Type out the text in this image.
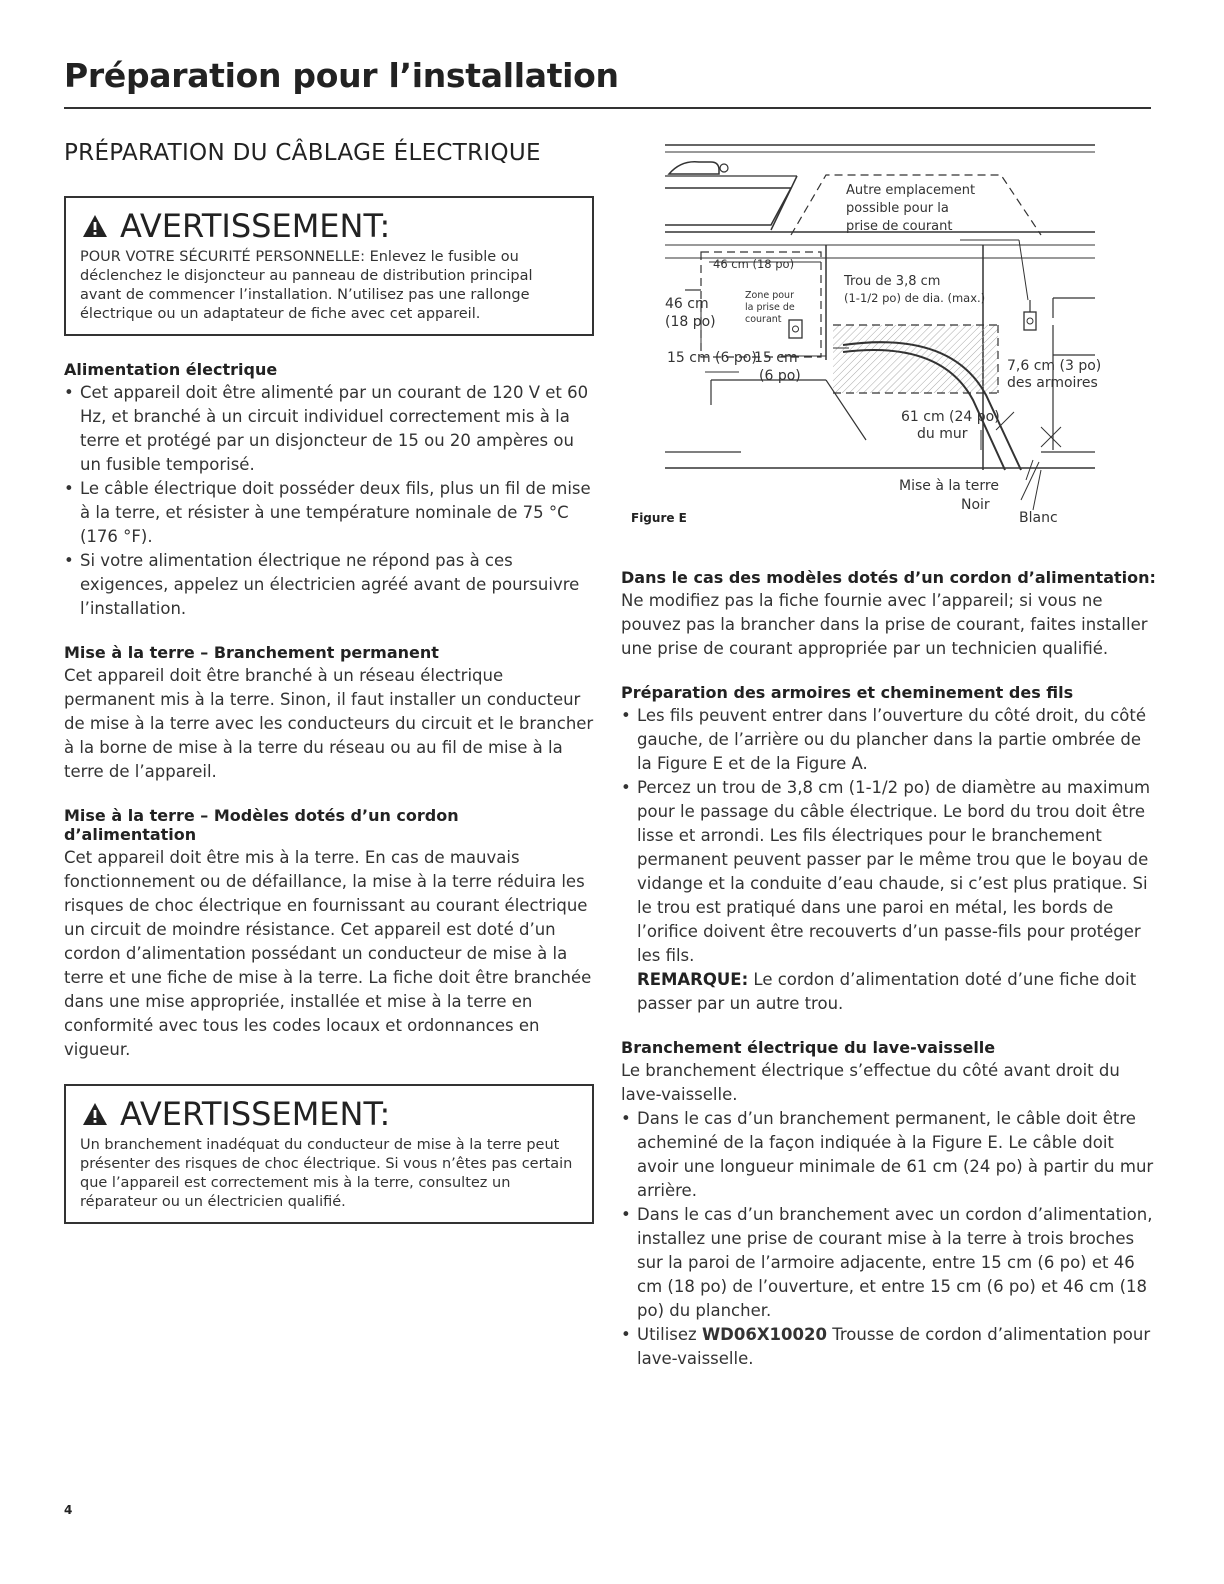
Préparation pour l’installation
PRÉPARATION DU CÂBLAGE ÉLECTRIQUE
AVERTISSEMENT:

POUR VOTRE SÉCURITÉ PERSONNELLE: Enlevez le fusible ou déclenchez le disjoncteur au panneau de distribution principal avant de commencer l’installation. N’utilisez pas une rallonge électrique ou un adaptateur de fiche avec cet appareil.

Alimentation électrique
• Cet appareil doit être alimenté par un courant de 120 V et 60 Hz, et branché à un circuit individuel correctement mis à la terre et protégé par un disjoncteur de 15 ou 20 ampères ou un fusible temporisé.
• Le câble électrique doit posséder deux fils, plus un fil de mise à la terre, et résister à une température nominale de 75 °C (176 °F).
• Si votre alimentation électrique ne répond pas à ces exigences, appelez un électricien agréé avant de poursuivre l’installation.
Mise à la terre – Branchement permanent

Cet appareil doit être branché à un réseau électrique permanent mis à la terre. Sinon, il faut installer un conducteur de mise à la terre avec les conducteurs du circuit et le brancher à la borne de mise à la terre du réseau ou au fil de mise à la terre de l’appareil.

Mise à la terre – Modèles dotés d’un cordon d’alimentation

Cet appareil doit être mis à la terre. En cas de mauvais fonctionnement ou de défaillance, la mise à la terre réduira les risques de choc électrique en fournissant au courant électrique un circuit de moindre résistance. Cet appareil est doté d’un cordon d’alimentation possédant un conducteur de mise à la terre et une fiche de mise à la terre. La fiche doit être branchée dans une mise appropriée, installée et mise à la terre en conformité avec tous les codes locaux et ordonnances en vigueur.

AVERTISSEMENT:

Un branchement inadéquat du conducteur de mise à la terre peut présenter des risques de choc électrique. Si vous n’êtes pas certain que l’appareil est correctement mis à la terre, consultez un réparateur ou un électricien qualifié.

Autre emplacement
possible pour la
prise de courant
Trou de 3,8 cm
(1-1/2 po) de dia. (max.)
46 cm (18 po)
46 cm
(18 po)
Zone pour
la prise de
courant
15 cm (6 po)
15 cm
(6 po)
7,6 cm (3 po)
des armoires
61 cm (24 po)
du mur
Mise à la terre
Noir
Blanc
Figure E
Dans le cas des modèles dotés d’un cordon d’alimentation:

Ne modifiez pas la fiche fournie avec l’appareil; si vous ne pouvez pas la brancher dans la prise de courant, faites installer une prise de courant appropriée par un technicien qualifié.

Préparation des armoires et cheminement des fils
• Les fils peuvent entrer dans l’ouverture du côté droit, du côté gauche, de l’arrière ou du plancher dans la partie ombrée de la Figure E et de la Figure A.
• Percez un trou de 3,8 cm (1-1/2 po) de diamètre au maximum pour le passage du câble électrique. Le bord du trou doit être lisse et arrondi. Les fils électriques pour le branchement permanent peuvent passer par le même trou que le boyau de vidange et la conduite d’eau chaude, si c’est plus pratique. Si le trou est pratiqué dans une paroi en métal, les bords de l’orifice doivent être recouverts d’un passe-fils pour protéger les fils.
REMARQUE: Le cordon d’alimentation doté d’une fiche doit passer par un autre trou.
Branchement électrique du lave-vaisselle

Le branchement électrique s’effectue du côté avant droit du lave-vaisselle.

• Dans le cas d’un branchement permanent, le câble doit être acheminé de la façon indiquée à la Figure E. Le câble doit avoir une longueur minimale de 61 cm (24 po) à partir du mur arrière.
• Dans le cas d’un branchement avec un cordon d’alimentation, installez une prise de courant mise à la terre à trois broches sur la paroi de l’armoire adjacente, entre 15 cm (6 po) et 46 cm (18 po) de l’ouverture, et entre 15 cm (6 po) et 46 cm (18 po) du plancher.
• Utilisez WD06X10020 Trousse de cordon d’alimentation pour lave-vaisselle.
4
